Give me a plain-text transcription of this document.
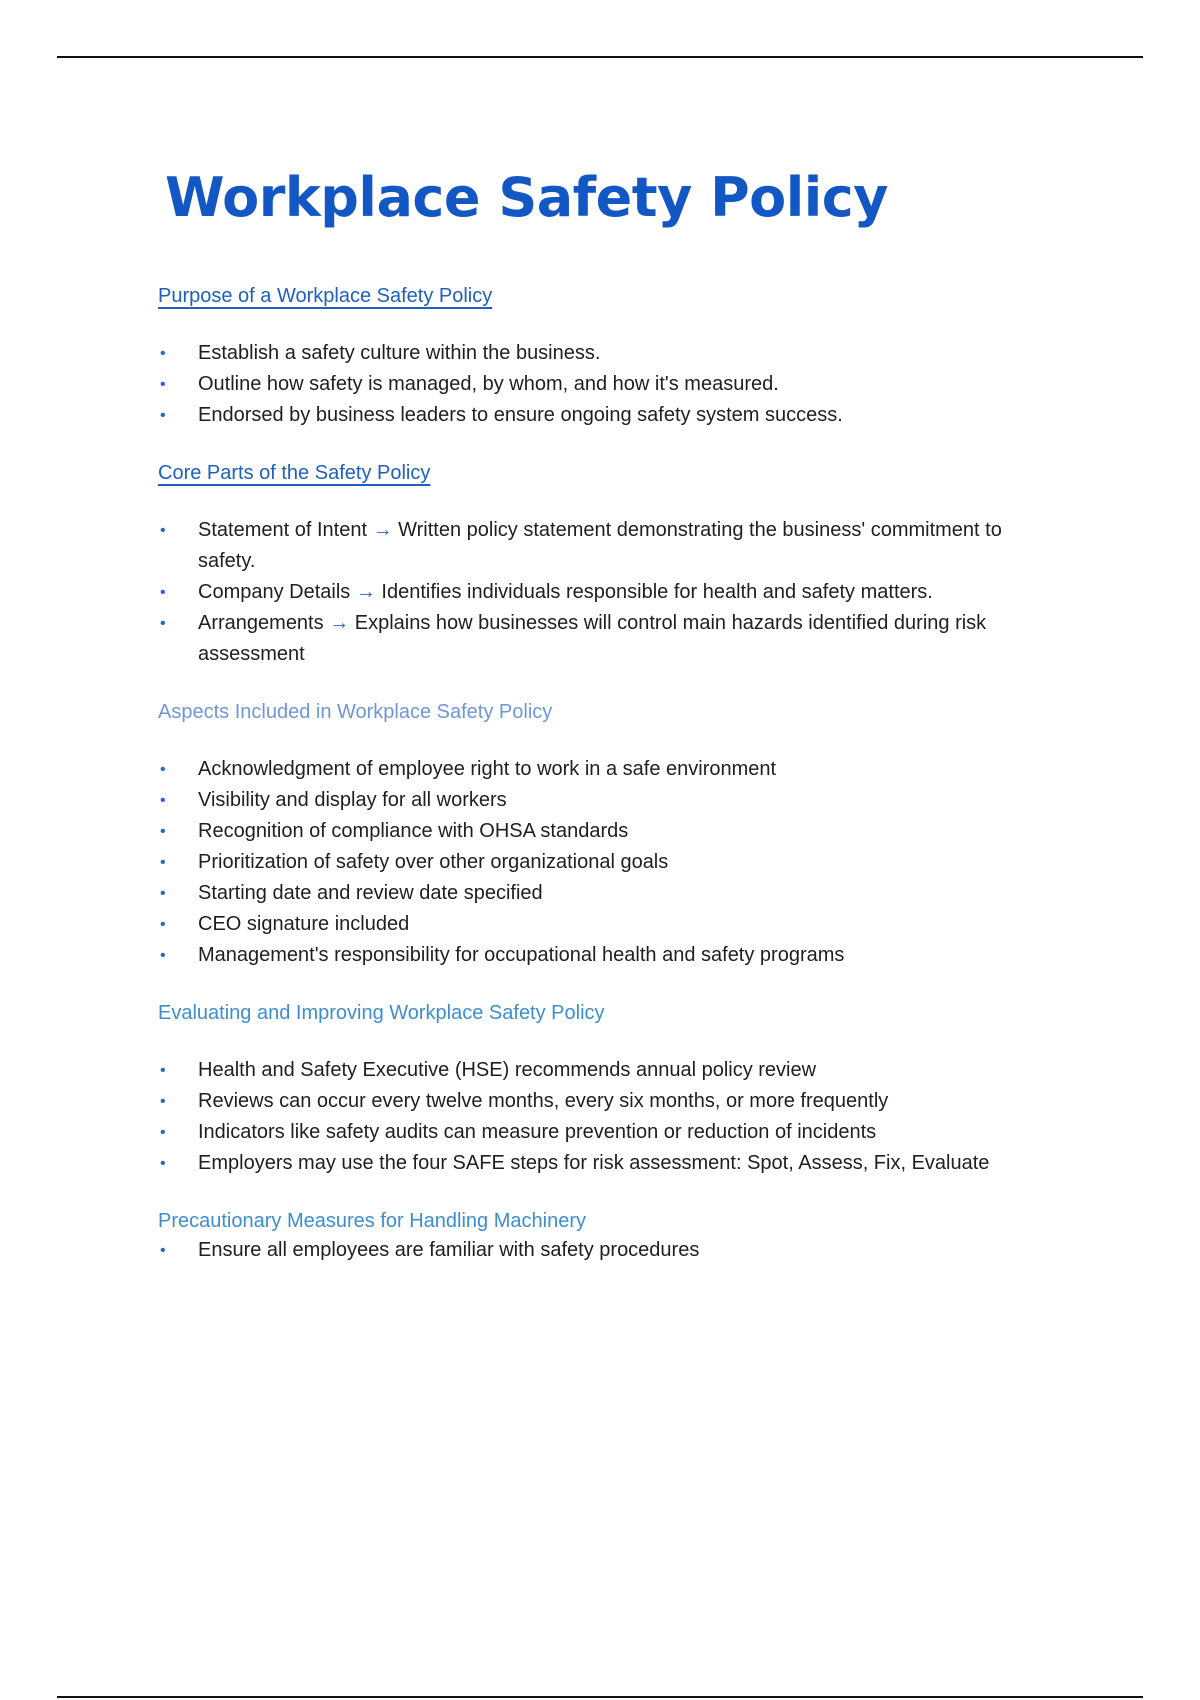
Workplace Safety Policy

Purpose of a Workplace Safety Policy

• Establish a safety culture within the business.
• Outline how safety is managed, by whom, and how it's measured.
• Endorsed by business leaders to ensure ongoing safety system success.

Core Parts of the Safety Policy

• Statement of Intent → Written policy statement demonstrating the business' commitment to safety.
• Company Details → Identifies individuals responsible for health and safety matters.
• Arrangements → Explains how businesses will control main hazards identified during risk assessment

Aspects Included in Workplace Safety Policy

• Acknowledgment of employee right to work in a safe environment
• Visibility and display for all workers
• Recognition of compliance with OHSA standards
• Prioritization of safety over other organizational goals
• Starting date and review date specified
• CEO signature included
• Management's responsibility for occupational health and safety programs

Evaluating and Improving Workplace Safety Policy

• Health and Safety Executive (HSE) recommends annual policy review
• Reviews can occur every twelve months, every six months, or more frequently
• Indicators like safety audits can measure prevention or reduction of incidents
• Employers may use the four SAFE steps for risk assessment: Spot, Assess, Fix, Evaluate

Precautionary Measures for Handling Machinery

• Ensure all employees are familiar with safety procedures
